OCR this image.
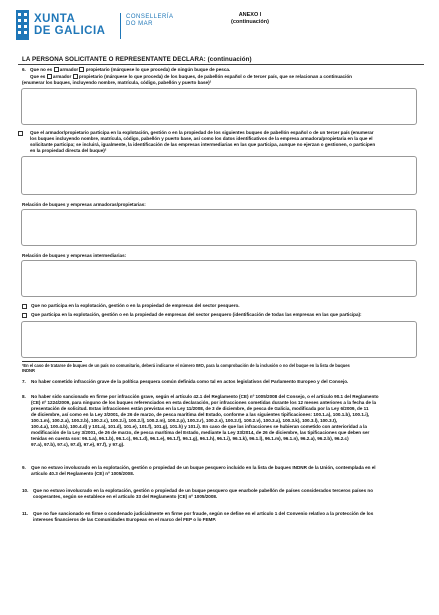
XUNTA
DE GALICIA
CONSELLERÍA
DO MAR
ANEXO I
(continuación)
LA PERSONA SOLICITANTE O REPRESENTANTE DECLARA: (continuación)
6. Que no es armador propietario (márquese lo que proceda) de ningún buque de pesca.
Que es armador propietario (márquese lo que proceda) de los buques, de pabellón español o de tercer país, que se relacionan a continuación
(enumerar los buques, incluyendo nombre, matrícula, código, pabellón y puerto base)²
Que el armador/propietario participa en la explotación, gestión o en la propiedad de los siguientes buques de pabellón español o de un tercer país (enumerar
los buques incluyendo nombre, matrícula, código, pabellón y puerto base, así como los datos identificativos de la empresa armadora/propietaria en la que el
solicitante participa; se incluirá, igualmente, la identificación de las empresas intermediarias en las que participa, aunque no ejerzan o gestionen, o participen
en la propiedad directa del buque)²
Relación de buques y empresas armadoras/propietarias:
Relación de buques y empresas intermediarias:
Que no participa en la explotación, gestión o en la propiedad de empresas del sector pesquero.
Que participa en la explotación, gestión o en la propiedad de empresas del sector pesquero (identificación de todas las empresas en las que participa):
²En el caso de tratarse de buques de un país no comunitario, deberá indicarse el número IMO, para la comprobación de la inclusión o no del buque en la lista de buques
INDNR
7. No haber cometido infracción grave de la política pesquera común definida como tal en actos legislativos del Parlamento Europeo y del Consejo.
8. No haber sido sancionado en firme por infracción grave, según el artículo 42.1 del Reglamento (CE) nº 1005/2008 del Consejo, o el artículo 90.1 del Reglamento
(CE) nº 1224/2009, para ninguno de los buques referenciados en esta declaración, por infracciones cometidas durante los 12 meses anteriores a la fecha de la
presentación de solicitud. Estas infracciones están previstas en la Ley 11/2008, de 3 de diciembre, de pesca de Galicia, modificada por la Ley 6/2009, de 11
de diciembre, así como en la Ley 3/2001, de 26 de marzo, de pesca marítima del Estado, conforme a las siguientes tipificaciones: 100.1.a), 100.1.b), 100.1.i),
100.1.m), 100.2.a), 100.2.b), 100.2.c), 100.2.i), 100.2.l), 100.2.m), 100.2.p), 100.2.r), 100.2.s), 100.2.t), 100.2.v), 100.3.a), 100.3.k), 100.3.l), 100.3.t),
100.4.a), 100.4.b), 100.4.d) y 101.a), 101.d), 101.e), 101.f), 101.g), 101.h) y 101.i). En caso de que las infracciones se hubieran cometido con anterioridad a la
modificación de la Ley 3/2001, de 26 de marzo, de pesca marítima del Estado, mediante la Ley 33/2014, de 26 de diciembre, las tipificaciones que deben ser
tenidas en cuenta son: 96.1.a), 96.1.b), 96.1.c), 96.1.d), 96.1.e), 96.1.f), 96.1.g), 96.1.h), 96.1.i), 96.1.k), 96.1.l), 96.1.m), 96.1.n), 96.2.a), 96.2.b), 96.2.c)
97.a), 97.b), 97.c), 97.d), 97.e), 97.f), y 97.g).
9. Que no estuvo involucrado en la explotación, gestión o propiedad de un buque pesquero incluido en la lista de buques INDNR de la Unión, contemplada en el
artículo 40.3 del Reglamento (CE) nº 1005/2008.
10. Que no estuvo involucrado en la explotación, gestión o propiedad de un buque pesquero que enarbole pabellón de países considerados terceros países no
cooperantes, según se establece en el artículo 33 del Reglamento (CE) nº 1005/2008.
11. Que no fue sancionado en firme o condenado judicialmente en firme por fraude, según se define en el artículo 1 del Convenio relativo a la protección de los
intereses financieros de las Comunidades Europeas en el marco del FEP o lo FEMP.
